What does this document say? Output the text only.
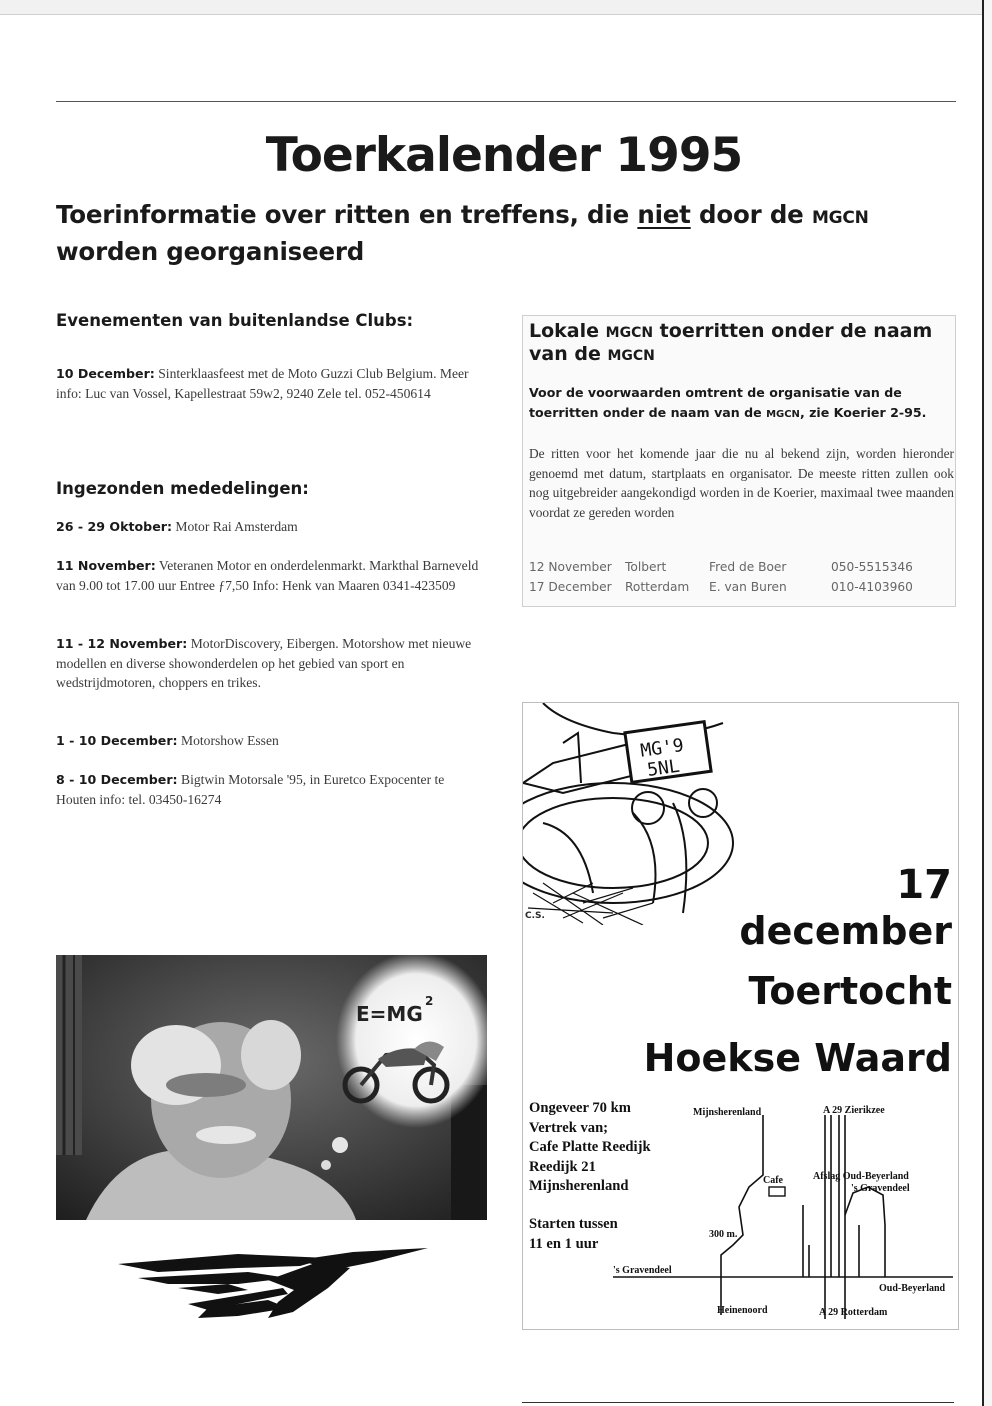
Toerkalender 1995
Toerinformatie over ritten en treffens, die niet door de MGCN
worden georganiseerd
Evenementen van buitenlandse Clubs:
10 December: Sinterklaasfeest met de Moto Guzzi Club Belgium. Meer info: Luc van Vossel, Kapellestraat 59w2, 9240 Zele tel. 052-450614
Ingezonden mededelingen:
26 - 29 Oktober: Motor Rai Amsterdam
11 November: Veteranen Motor en onderdelenmarkt. Markthal Barneveld van 9.00 tot 17.00 uur Entree ƒ7,50 Info: Henk van Maaren 0341-423509
11 - 12 November: MotorDiscovery, Eibergen. Motorshow met nieuwe modellen en diverse showonderdelen op het gebied van sport en wedstrijdmotoren, choppers en trikes.
1 - 10 December: Motorshow Essen
8 - 10 December: Bigtwin Motorsale '95, in Euretco Expocenter te Houten info: tel. 03450-16274
Lokale MGCN toerritten onder de naam van de MGCN
Voor de voorwaarden omtrent de organisatie van de toerritten onder de naam van de MGCN, zie Koerier 2-95.
De ritten voor het komende jaar die nu al bekend zijn, worden hieronder genoemd met datum, startplaats en organisator. De meeste ritten zullen ook nog uitgebreider aangekondigd worden in de Koerier, maximaal twee maanden voordat ze gereden worden
12 November	Tolbert	Fred de Boer	050-5515346
17 December	Rotterdam	E. van Buren	010-4103960
E=MG
2
MG'9
5NL
C.S.
17
december
Toertocht
Hoekse Waard
Ongeveer 70 km
Vertrek van;
Cafe Platte Reedijk
Reedijk 21
Mijnsherenland
Starten tussen
11 en 1 uur
Mijnsherenland	A 29 Zierikzee
Cafe	Afslag Oud-Beyerland
's Gravendeel
300 m.
's Gravendeel
Oud-Beyerland
Heinenoord	A 29 Rotterdam
